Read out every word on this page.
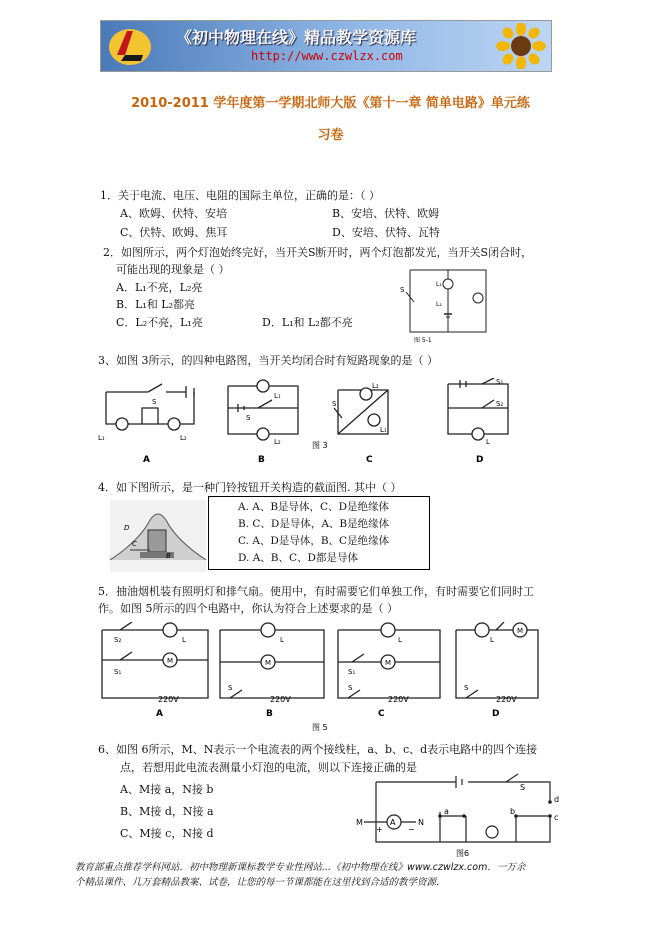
《初中物理在线》精品教学资源库
http://www.czwlzx.com
2010-2011 学年度第一学期北师大版《第十一章 简单电路》单元练
习卷
1．关于电流、电压、电阻的国际主单位，正确的是：（ ）
A、欧姆、伏特、安培	B、安培、伏特、欧姆
C、伏特、欧姆、焦耳	D、安培、伏特、瓦特
2．如图所示，两个灯泡始终完好，当开关S断开时，两个灯泡都发光，当开关S闭合时，
可能出现的现象是（ ）
A．L₁不亮，L₂亮
B．L₁和 L₂都亮
C．L₂不亮，L₁亮	D．L₁和 L₂都不亮
S
L₁
L₂
图 5-1
3、如图 3所示，的四种电路图，当开关均闭合时有短路现象的是（ ）
S
L₁	L₂
L₁
L₂
S
L₂
L₁
S
S₁
S₂
L
A	B	C	D
图 3
4．如下图所示，是一种门铃按钮开关构造的截面图. 其中（ ）
D
C
B
A. A、B是导体，C、D是绝缘体
B. C、D是导体，A、B是绝缘体
C. A、D是导体，B、C是绝缘体
D. A、B、C、D都是导体
5．抽油烟机装有照明灯和排气扇。使用中，有时需要它们单独工作，有时需要它们同时工
作。如图 5所示的四个电路中，你认为符合上述要求的是（ ）
S₂
S₁
L
M
L
M
S
L
M
S₁
S
L
M
S
220V	220V	220V	220V
A	B	C	D
图 5
6、如图 6所示，M、N表示一个电流表的两个接线柱，a、b、c、d表示电路中的四个连接
点，若想用此电流表测量小灯泡的电流，则以下连接正确的是
A、M接 a，N接 b
B、M接 d，N接 a
C、M接 c，N接 d
M	N
A
+	−
a	b
c
d
S
图6
教育部重点推荐学科网站．初中物理新课标教学专业性网站...《初中物理在线》www.czwlzx.com．一万余
个精品课件、几万套精品教案、试卷，让您的每一节课都能在这里找到合适的教学资源．
